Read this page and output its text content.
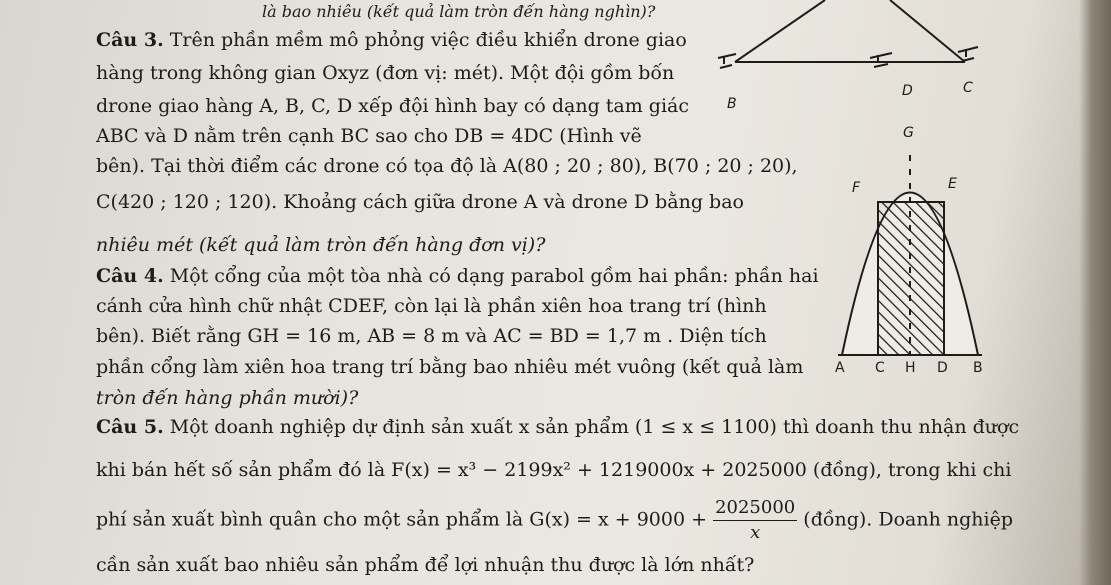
là bao nhiêu (kết quả làm tròn đến hàng nghìn)?
Câu 3. Trên phần mềm mô phỏng việc điều khiển drone giao
hàng trong không gian Oxyz (đơn vị: mét). Một đội gồm bốn
drone giao hàng A, B, C, D xếp đội hình bay có dạng tam giác
ABC và D nằm trên cạnh BC sao cho DB = 4DC (Hình vẽ
bên). Tại thời điểm các drone có tọa độ là A(80 ; 20 ; 80), B(70 ; 20 ; 20),
C(420 ; 120 ; 120). Khoảng cách giữa drone A và drone D bằng bao
nhiêu mét (kết quả làm tròn đến hàng đơn vị)?
Câu 4. Một cổng của một tòa nhà có dạng parabol gồm hai phần: phần hai
cánh cửa hình chữ nhật CDEF, còn lại là phần xiên hoa trang trí (hình
bên). Biết rằng GH = 16 m, AB = 8 m và AC = BD = 1,7 m . Diện tích
phần cổng làm xiên hoa trang trí bằng bao nhiêu mét vuông (kết quả làm
tròn đến hàng phần mười)?
Câu 5. Một doanh nghiệp dự định sản xuất x sản phẩm (1 ≤ x ≤ 1100) thì doanh thu nhận được
khi bán hết số sản phẩm đó là F(x) = x³ − 2199x² + 1219000x + 2025000 (đồng), trong khi chi
phí sản xuất bình quân cho một sản phẩm là $G(x) = x + 9000 + \frac{2025000}{x}$ (đồng). Doanh nghiệp
cần sản xuất bao nhiêu sản phẩm để lợi nhuận thu được là lớn nhất?
B
D	C
G
F	E
A C H D B
